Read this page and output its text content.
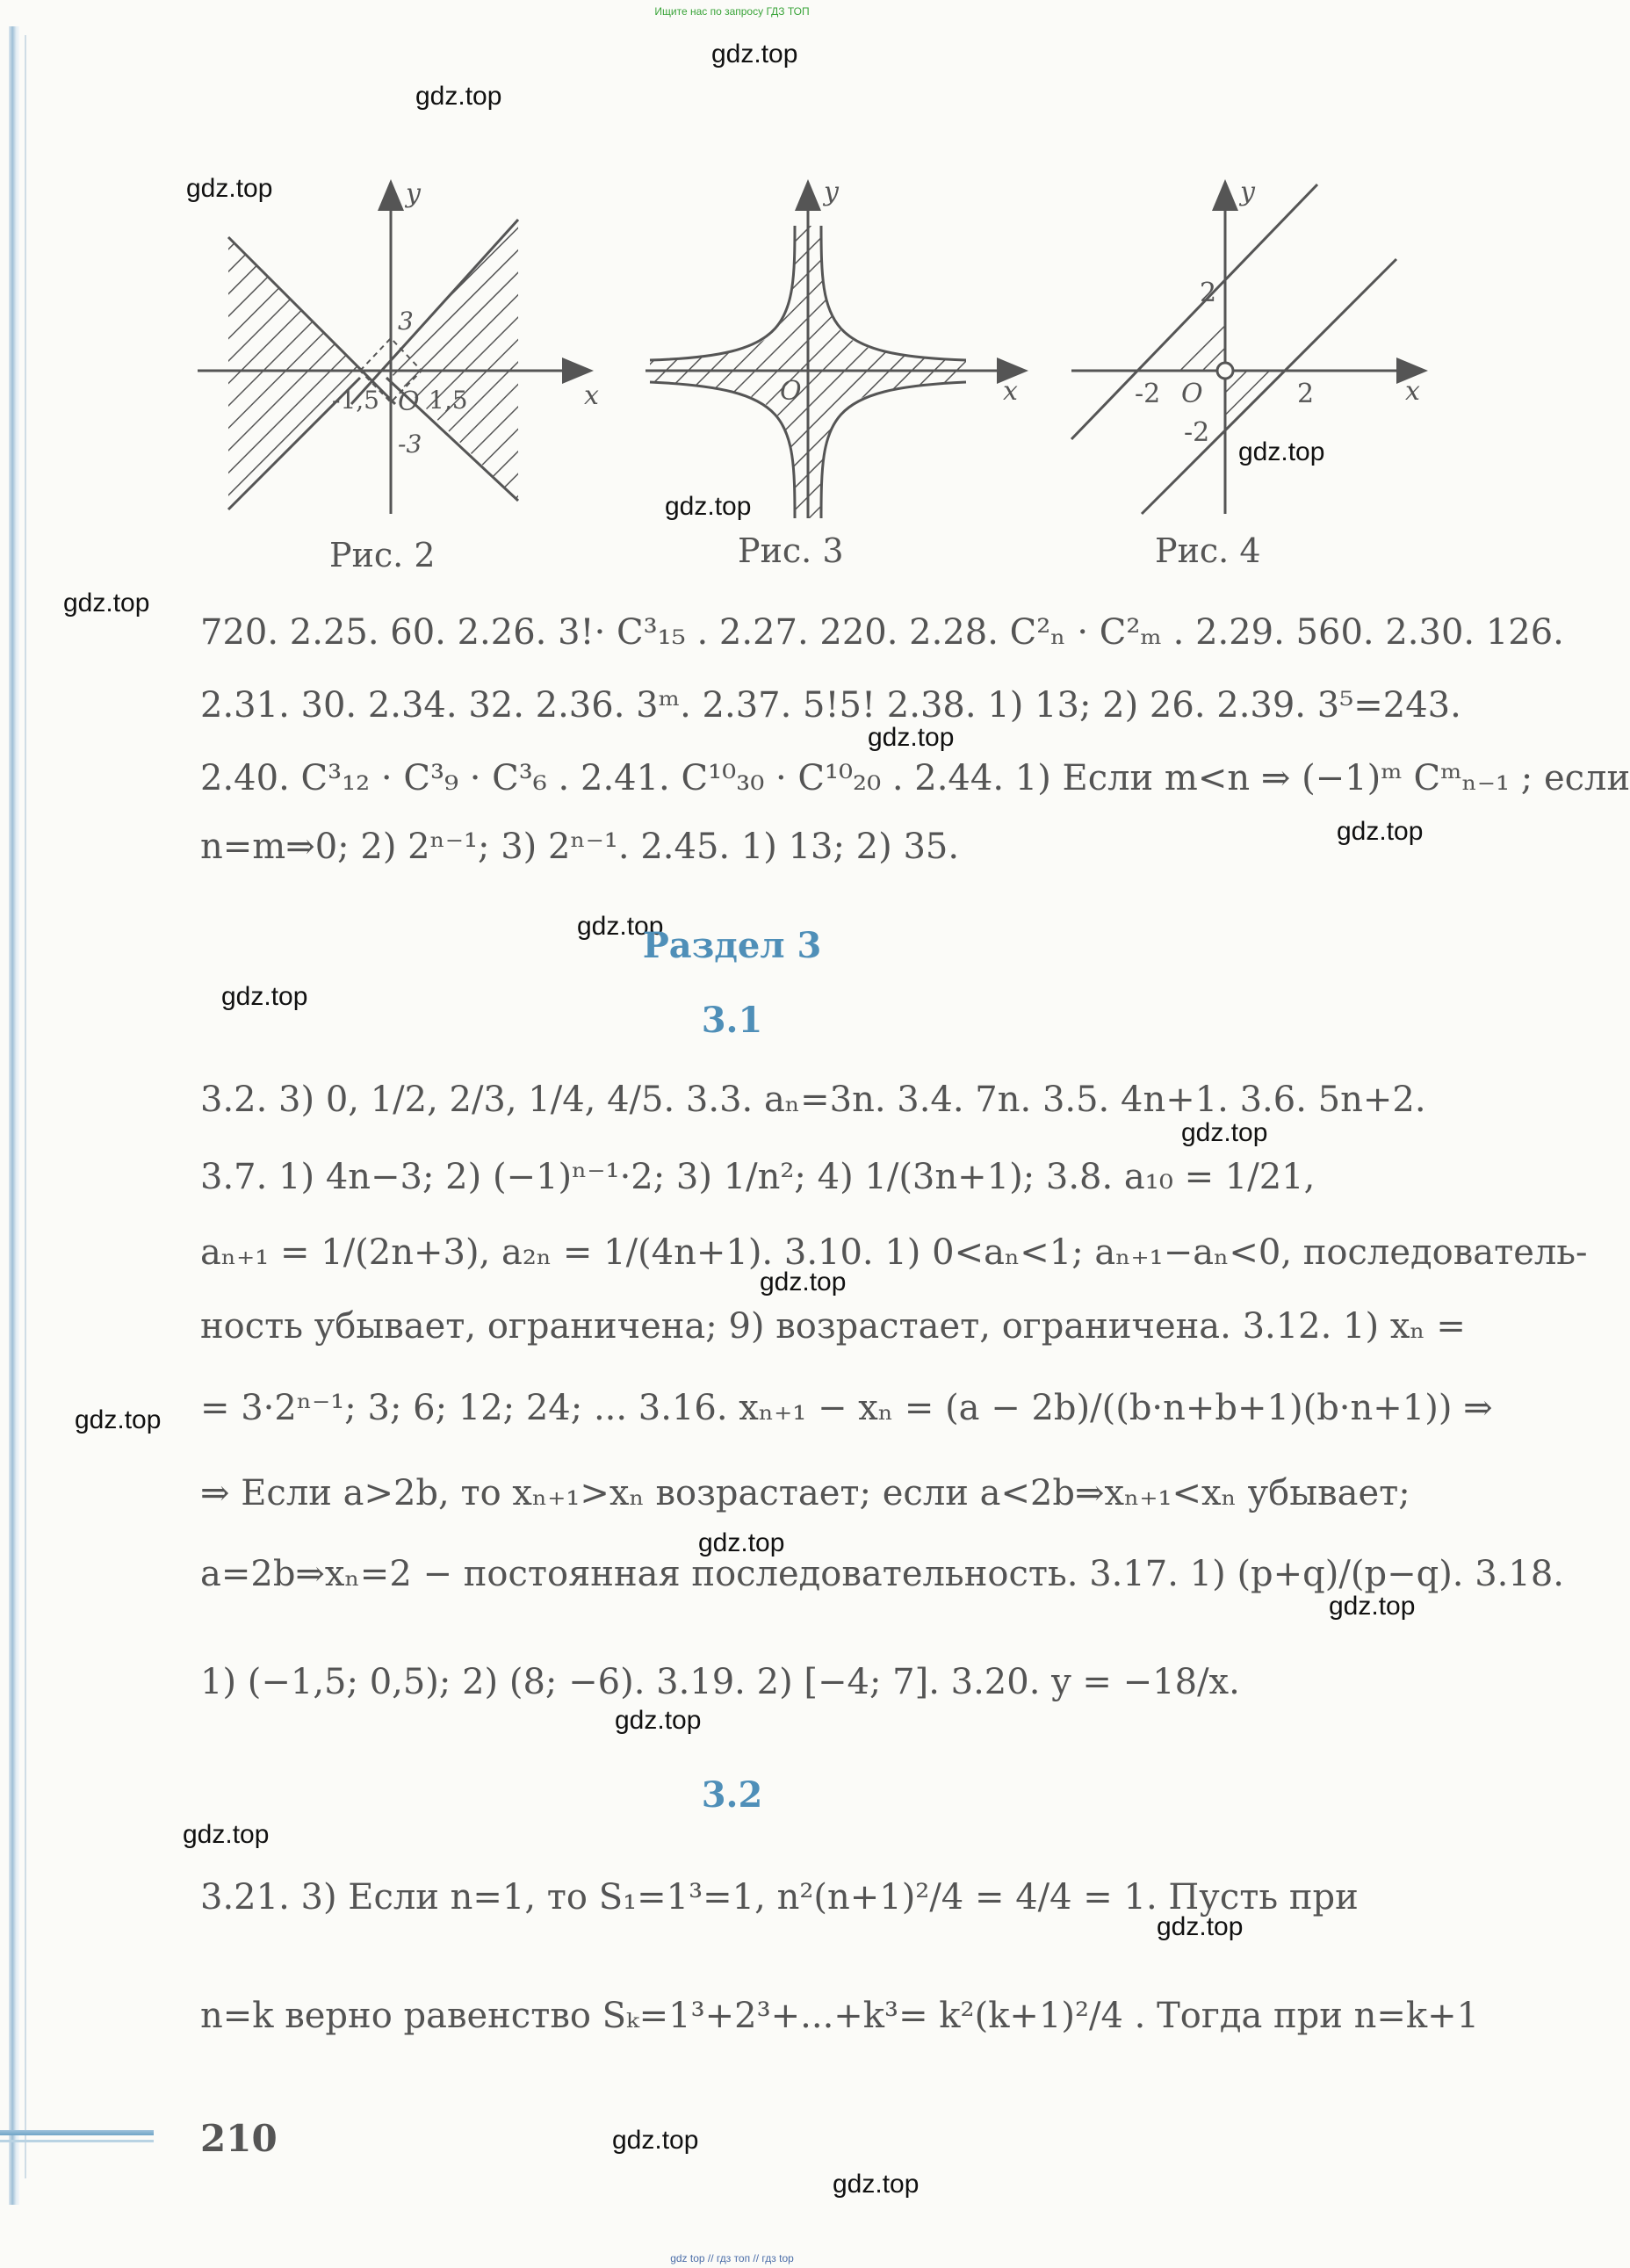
Ищите нас по запросу ГДЗ ТОП
gdz.top
gdz.top
gdz.top
gdz.top
gdz.top
gdz.top
gdz.top
gdz.top
gdz.top
gdz.top
gdz.top
gdz.top
gdz.top
gdz.top
gdz.top
gdz.top
gdz.top
gdz.top
gdz.top
gdz.top
y
x
O
3
-3
-1,5 1,5
Рис. 2
y
x
O
Рис. 3
y
x
2
-2
2
-2 O
Рис. 4
720. 2.25. 60. 2.26. 3!· C³₁₅ . 2.27. 220. 2.28. C²ₙ · C²ₘ . 2.29. 560. 2.30. 126.
2.31. 30. 2.34. 32. 2.36. 3ᵐ. 2.37. 5!5! 2.38. 1) 13; 2) 26. 2.39. 3⁵=243.
2.40. C³₁₂ · C³₉ · C³₆ . 2.41. C¹⁰₃₀ · C¹⁰₂₀ . 2.44. 1) Если m<n ⇒ (−1)ᵐ Cᵐₙ₋₁ ; если
n=m⇒0; 2) 2ⁿ⁻¹; 3) 2ⁿ⁻¹. 2.45. 1) 13; 2) 35.
Раздел 3
3.1
3.2. 3) 0, 1/2, 2/3, 1/4, 4/5. 3.3. aₙ=3n. 3.4. 7n. 3.5. 4n+1. 3.6. 5n+2.
3.7. 1) 4n−3; 2) (−1)ⁿ⁻¹·2; 3) 1/n²; 4) 1/(3n+1); 3.8. a₁₀ = 1/21,
aₙ₊₁ = 1/(2n+3), a₂ₙ = 1/(4n+1). 3.10. 1) 0<aₙ<1; aₙ₊₁−aₙ<0, последователь-
ность убывает, ограничена; 9) возрастает, ограничена. 3.12. 1) xₙ =
= 3·2ⁿ⁻¹; 3; 6; 12; 24; ... 3.16. xₙ₊₁ − xₙ = (a − 2b)/((b·n+b+1)(b·n+1)) ⇒
⇒ Если a>2b, то xₙ₊₁>xₙ возрастает; если a<2b⇒xₙ₊₁<xₙ убывает;
a=2b⇒xₙ=2 − постоянная последовательность. 3.17. 1) (p+q)/(p−q). 3.18.
1) (−1,5; 0,5); 2) (8; −6). 3.19. 2) [−4; 7]. 3.20. y = −18/x.
3.2
3.21. 3) Если n=1, то S₁=1³=1, n²(n+1)²/4 = 4/4 = 1. Пусть при
n=k верно равенство Sₖ=1³+2³+...+k³= k²(k+1)²/4 . Тогда при n=k+1
210
gdz top // гдз топ // гдз top
